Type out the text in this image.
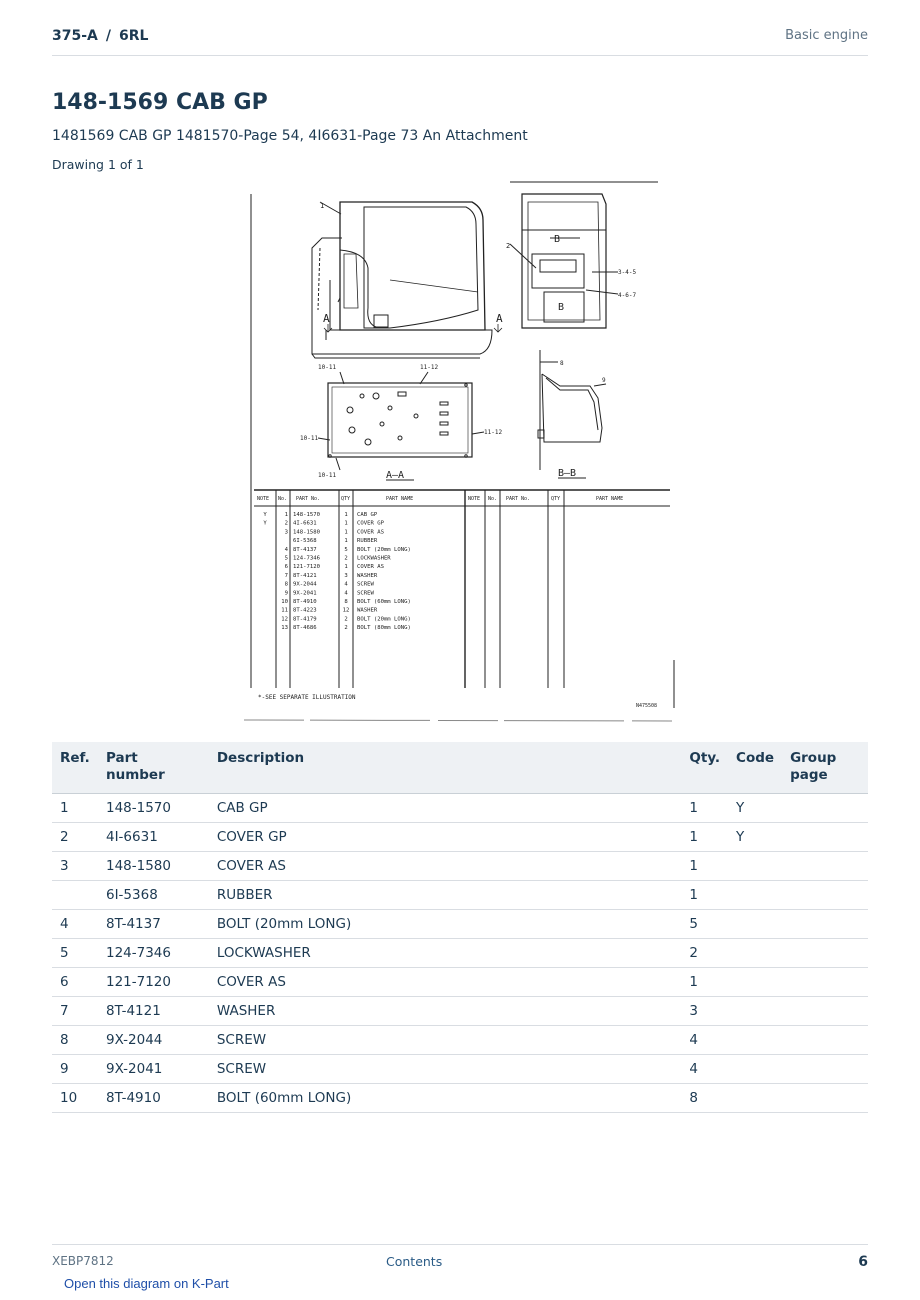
375-A / 6RL	Basic engine
148-1569 CAB GP
1481569 CAB GP 1481570-Page 54, 4I6631-Page 73 An Attachment
Drawing 1 of 1
1
A	A
2
3-4-5
4-6-7
B
B
10-11	11-12
10-11
11-12
10-11	A—A
8
9
B—B
NOTE No. PART No.	QTY	PART NAME	NOTE No. PART No.	QTY	PART NAME
Y	1 148-1570	1 CAB GP
Y	2 4I-6631	1 COVER GP
3 148-1580	1 COVER AS
6I-5368	1 RUBBER
4 8T-4137	5 BOLT (20mm LONG)
5 124-7346	2 LOCKWASHER
6 121-7120	1 COVER AS
7 8T-4121	3 WASHER
8 9X-2044	4 SCREW
9 9X-2041	4 SCREW
10 8T-4910	8 BOLT (60mm LONG)
11 8T-4223	12 WASHER
12 8T-4179	2 BOLT (20mm LONG)
13 8T-4686	2 BOLT (80mm LONG)
*-SEE SEPARATE ILLUSTRATION
N475508
Ref.	Part number	Description	Qty.	Code	Group page
1	148-1570	CAB GP	1	Y	
2	4I-6631	COVER GP	1	Y	
3	148-1580	COVER AS	1		
	6I-5368	RUBBER	1		
4	8T-4137	BOLT (20mm LONG)	5		
5	124-7346	LOCKWASHER	2		
6	121-7120	COVER AS	1		
7	8T-4121	WASHER	3		
8	9X-2044	SCREW	4		
9	9X-2041	SCREW	4		
10	8T-4910	BOLT (60mm LONG)	8		
XEBP7812	Contents	6
Open this diagram on K-Part
